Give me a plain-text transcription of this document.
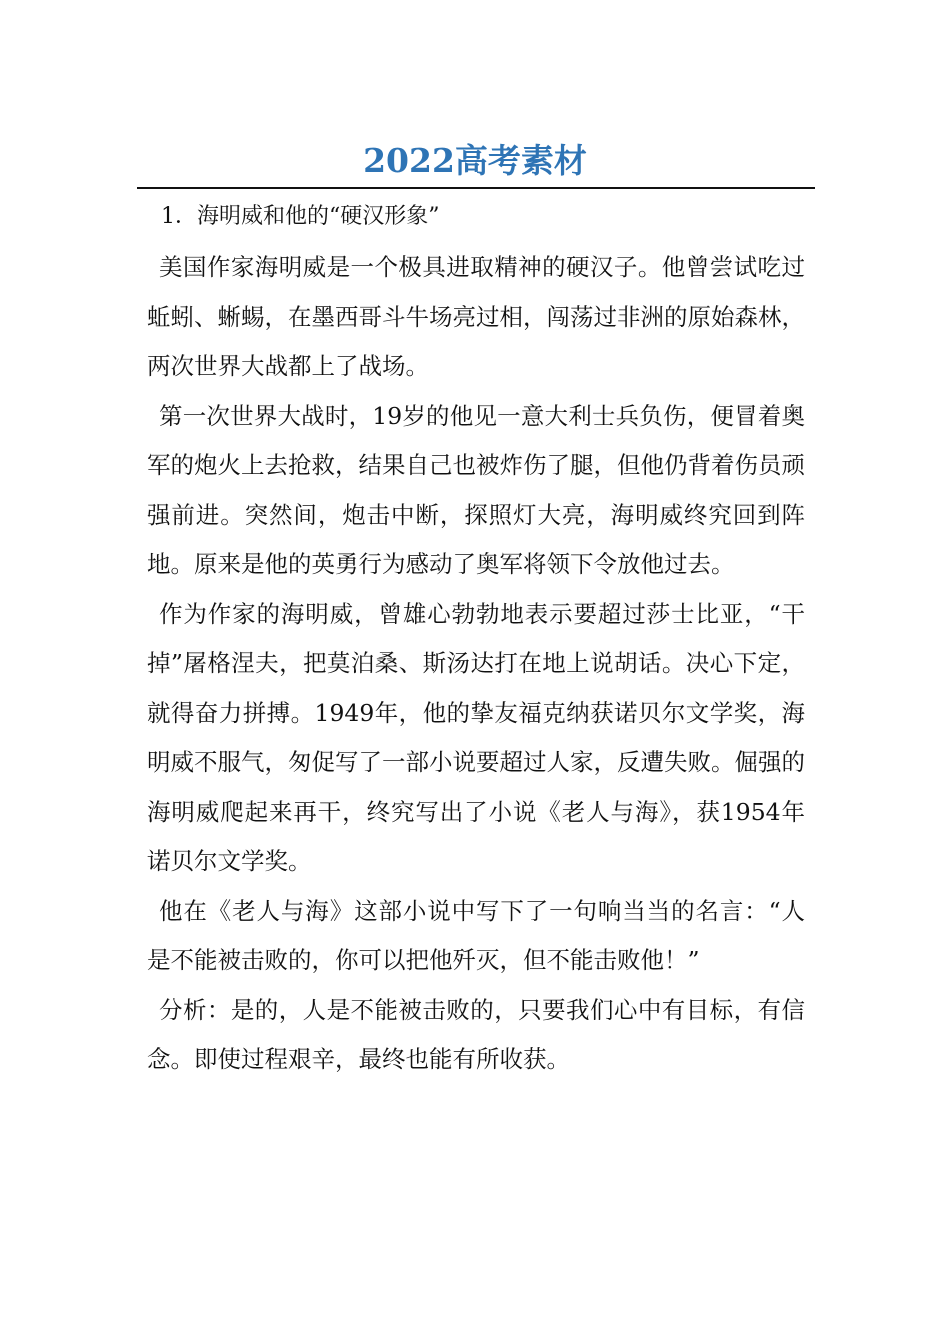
2022高考素材

1．海明威和他的“硬汉形象”

美国作家海明威是一个极具进取精神的硬汉子。他曾尝试吃过蚯蚓、蜥蜴，在墨西哥斗牛场亮过相，闯荡过非洲的原始森林，两次世界大战都上了战场。

第一次世界大战时，19岁的他见一意大利士兵负伤，便冒着奥军的炮火上去抢救，结果自己也被炸伤了腿，但他仍背着伤员顽强前进。突然间，炮击中断，探照灯大亮，海明威终究回到阵地。原来是他的英勇行为感动了奥军将领下令放他过去。

作为作家的海明威，曾雄心勃勃地表示要超过莎士比亚，“干掉”屠格涅夫，把莫泊桑、斯汤达打在地上说胡话。决心下定，就得奋力拼搏。1949年，他的挚友福克纳获诺贝尔文学奖，海明威不服气，匆促写了一部小说要超过人家，反遭失败。倔强的海明威爬起来再干，终究写出了小说《老人与海》，获1954年诺贝尔文学奖。

他在《老人与海》这部小说中写下了一句响当当的名言：“人是不能被击败的，你可以把他歼灭，但不能击败他！”

分析：是的，人是不能被击败的，只要我们心中有目标，有信念。即使过程艰辛，最终也能有所收获。
